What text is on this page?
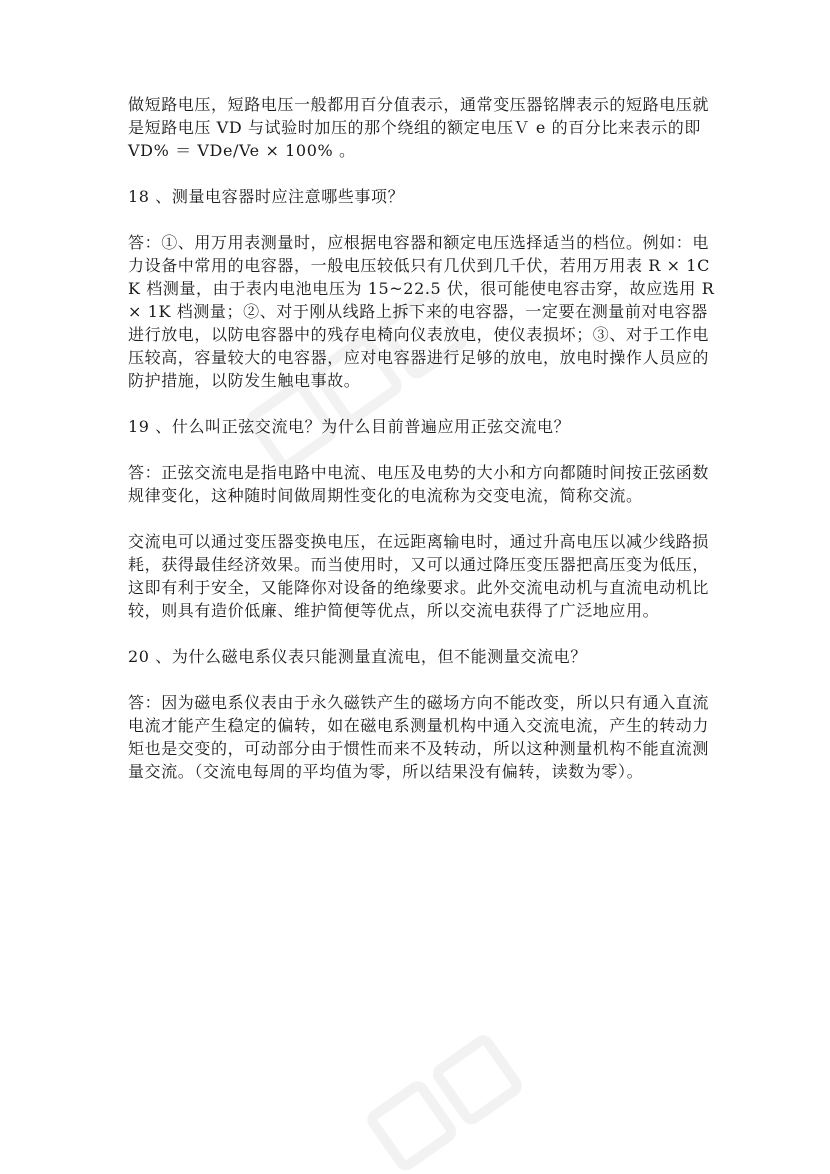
做短路电压，短路电压一般都用百分值表示，通常变压器铭牌表示的短路电压就是短路电压 VD 与试验时加压的那个绕组的额定电压Ｖ e 的百分比来表示的即 VD% ＝ VDe/Ve × 100% 。

18 、测量电容器时应注意哪些事项？

答：①、用万用表测量时，应根据电容器和额定电压选择适当的档位。例如：电力设备中常用的电容器，一般电压较低只有几伏到几千伏，若用万用表 R × 1CK 档测量，由于表内电池电压为 15~22.5 伏，很可能使电容击穿，故应选用 R × 1K 档测量；②、对于刚从线路上拆下来的电容器，一定要在测量前对电容器进行放电，以防电容器中的残存电椅向仪表放电，使仪表损坏；③、对于工作电压较高，容量较大的电容器，应对电容器进行足够的放电，放电时操作人员应的防护措施，以防发生触电事故。

19 、什么叫正弦交流电？为什么目前普遍应用正弦交流电？

答：正弦交流电是指电路中电流、电压及电势的大小和方向都随时间按正弦函数规律变化，这种随时间做周期性变化的电流称为交变电流，简称交流。

交流电可以通过变压器变换电压，在远距离输电时，通过升高电压以减少线路损耗，获得最佳经济效果。而当使用时，又可以通过降压变压器把高压变为低压，这即有利于安全，又能降你对设备的绝缘要求。此外交流电动机与直流电动机比较，则具有造价低廉、维护简便等优点，所以交流电获得了广泛地应用。

20 、为什么磁电系仪表只能测量直流电，但不能测量交流电？

答：因为磁电系仪表由于永久磁铁产生的磁场方向不能改变，所以只有通入直流电流才能产生稳定的偏转，如在磁电系测量机构中通入交流电流，产生的转动力矩也是交变的，可动部分由于惯性而来不及转动，所以这种测量机构不能直流测量交流。（交流电每周的平均值为零，所以结果没有偏转，读数为零）。
